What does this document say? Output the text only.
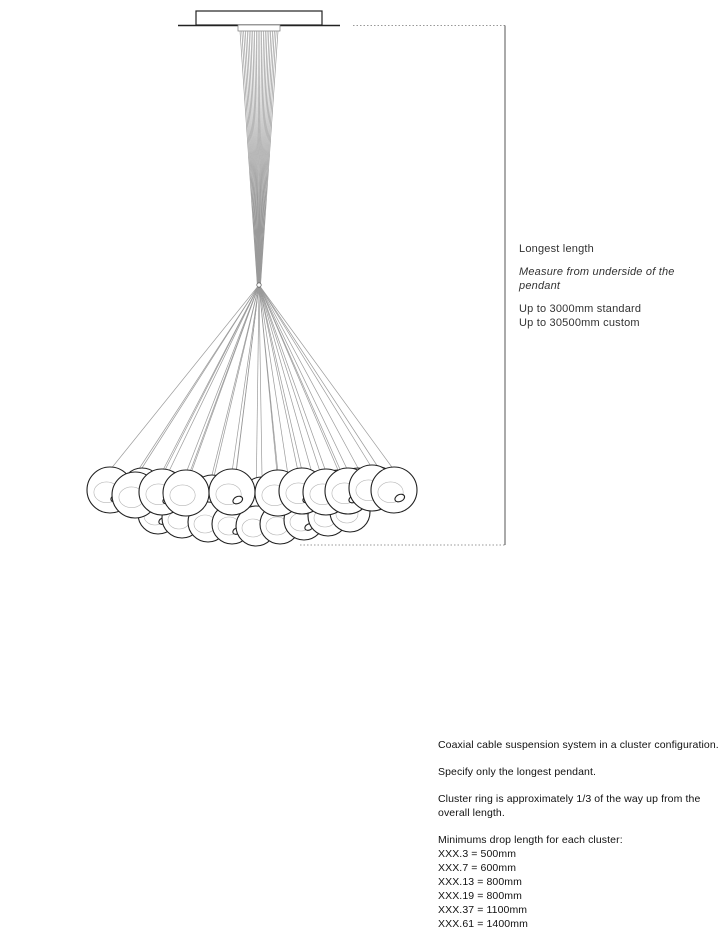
Longest length

Measure from underside of the pendant

Up to 3000mm standard

Up to 30500mm custom

Coaxial cable suspension system in a cluster configuration.

Specify only the longest pendant.

Cluster ring is approximately 1/3 of the way up from the overall length.

Minimums drop length for each cluster:

XXX.3 = 500mm
XXX.7 = 600mm
XXX.13 = 800mm
XXX.19 = 800mm
XXX.37 = 1100mm
XXX.61 = 1400mm
